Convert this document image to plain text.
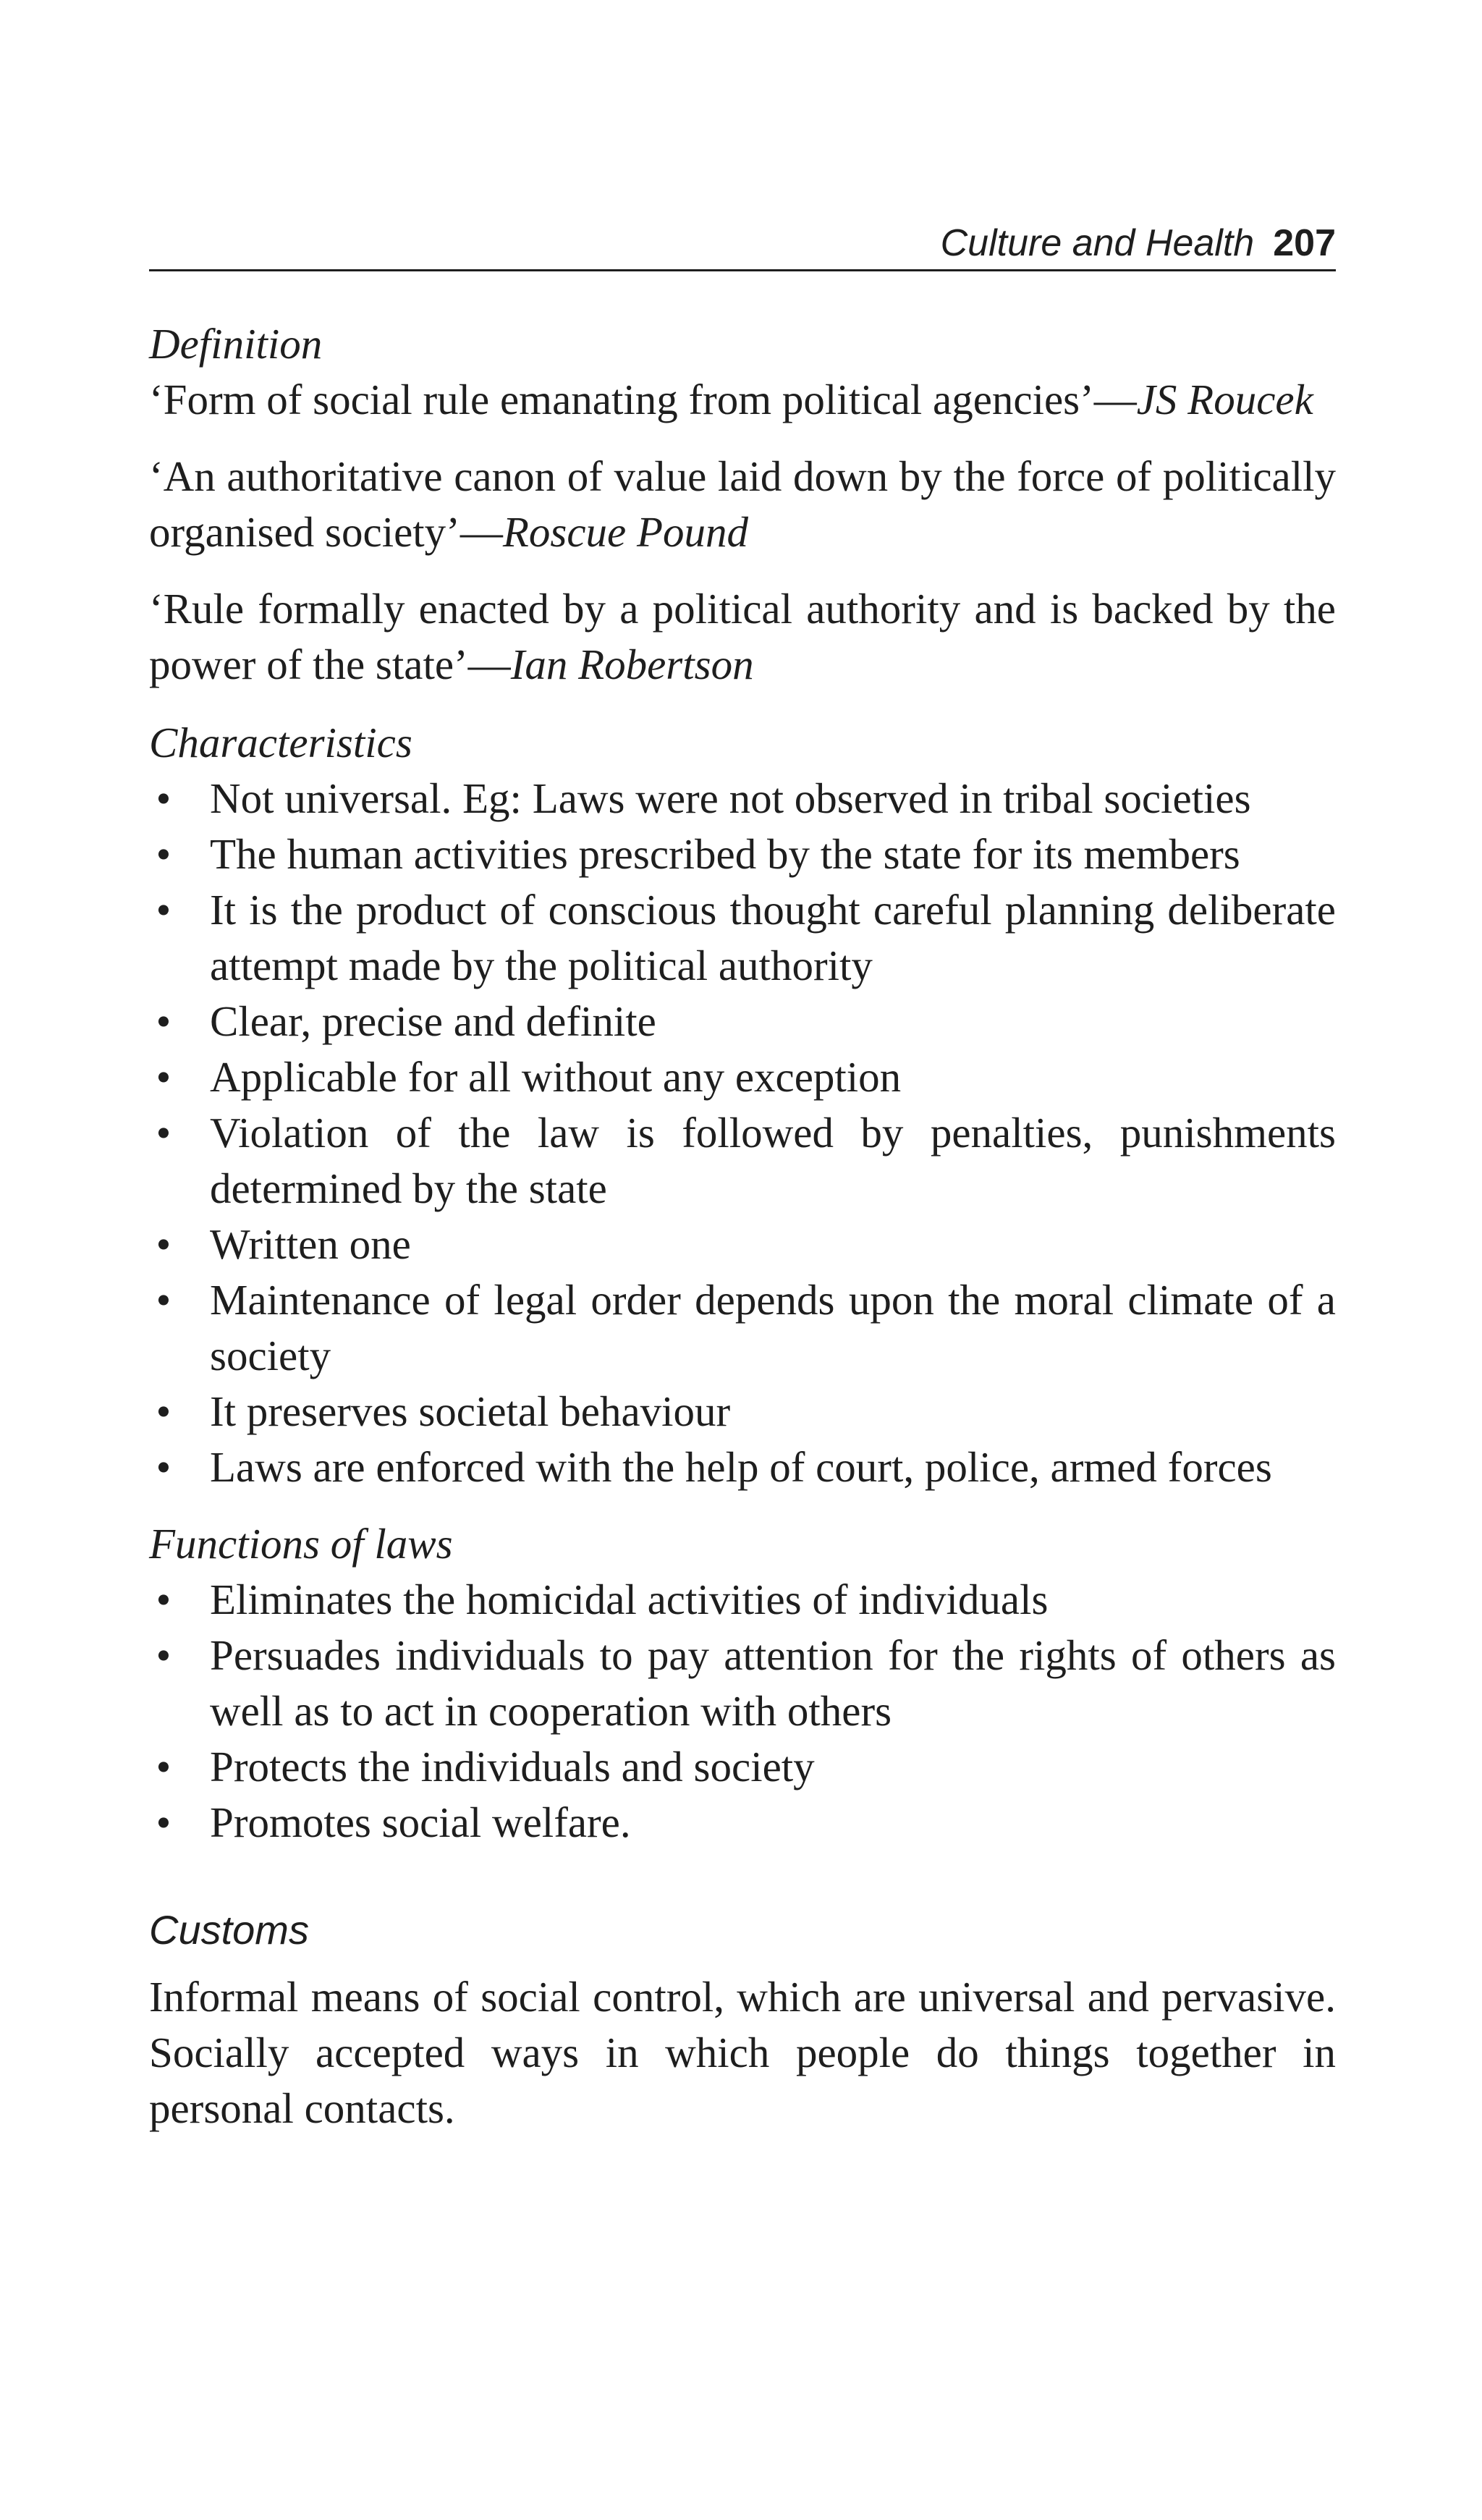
Culture and Health 207
Definition

‘Form of social rule emanating from political agencies’—JS Roucek

‘An authoritative canon of value laid down by the force of politically organised society’—Roscue Pound

‘Rule formally enacted by a political authority and is backed by the power of the state’—Ian Robertson

Characteristics
• Not universal. Eg: Laws were not observed in tribal societies
• The human activities prescribed by the state for its members
• It is the product of conscious thought careful planning deliberate attempt made by the political authority
• Clear, precise and definite
• Applicable for all without any exception
• Violation of the law is followed by penalties, punishments determined by the state
• Written one
• Maintenance of legal order depends upon the moral climate of a society
• It preserves societal behaviour
• Laws are enforced with the help of court, police, armed forces
Functions of laws
• Eliminates the homicidal activities of individuals
• Persuades individuals to pay attention for the rights of others as well as to act in cooperation with others
• Protects the individuals and society
• Promotes social welfare.
Customs

Informal means of social control, which are universal and pervasive. Socially accepted ways in which people do things together in personal contacts.
